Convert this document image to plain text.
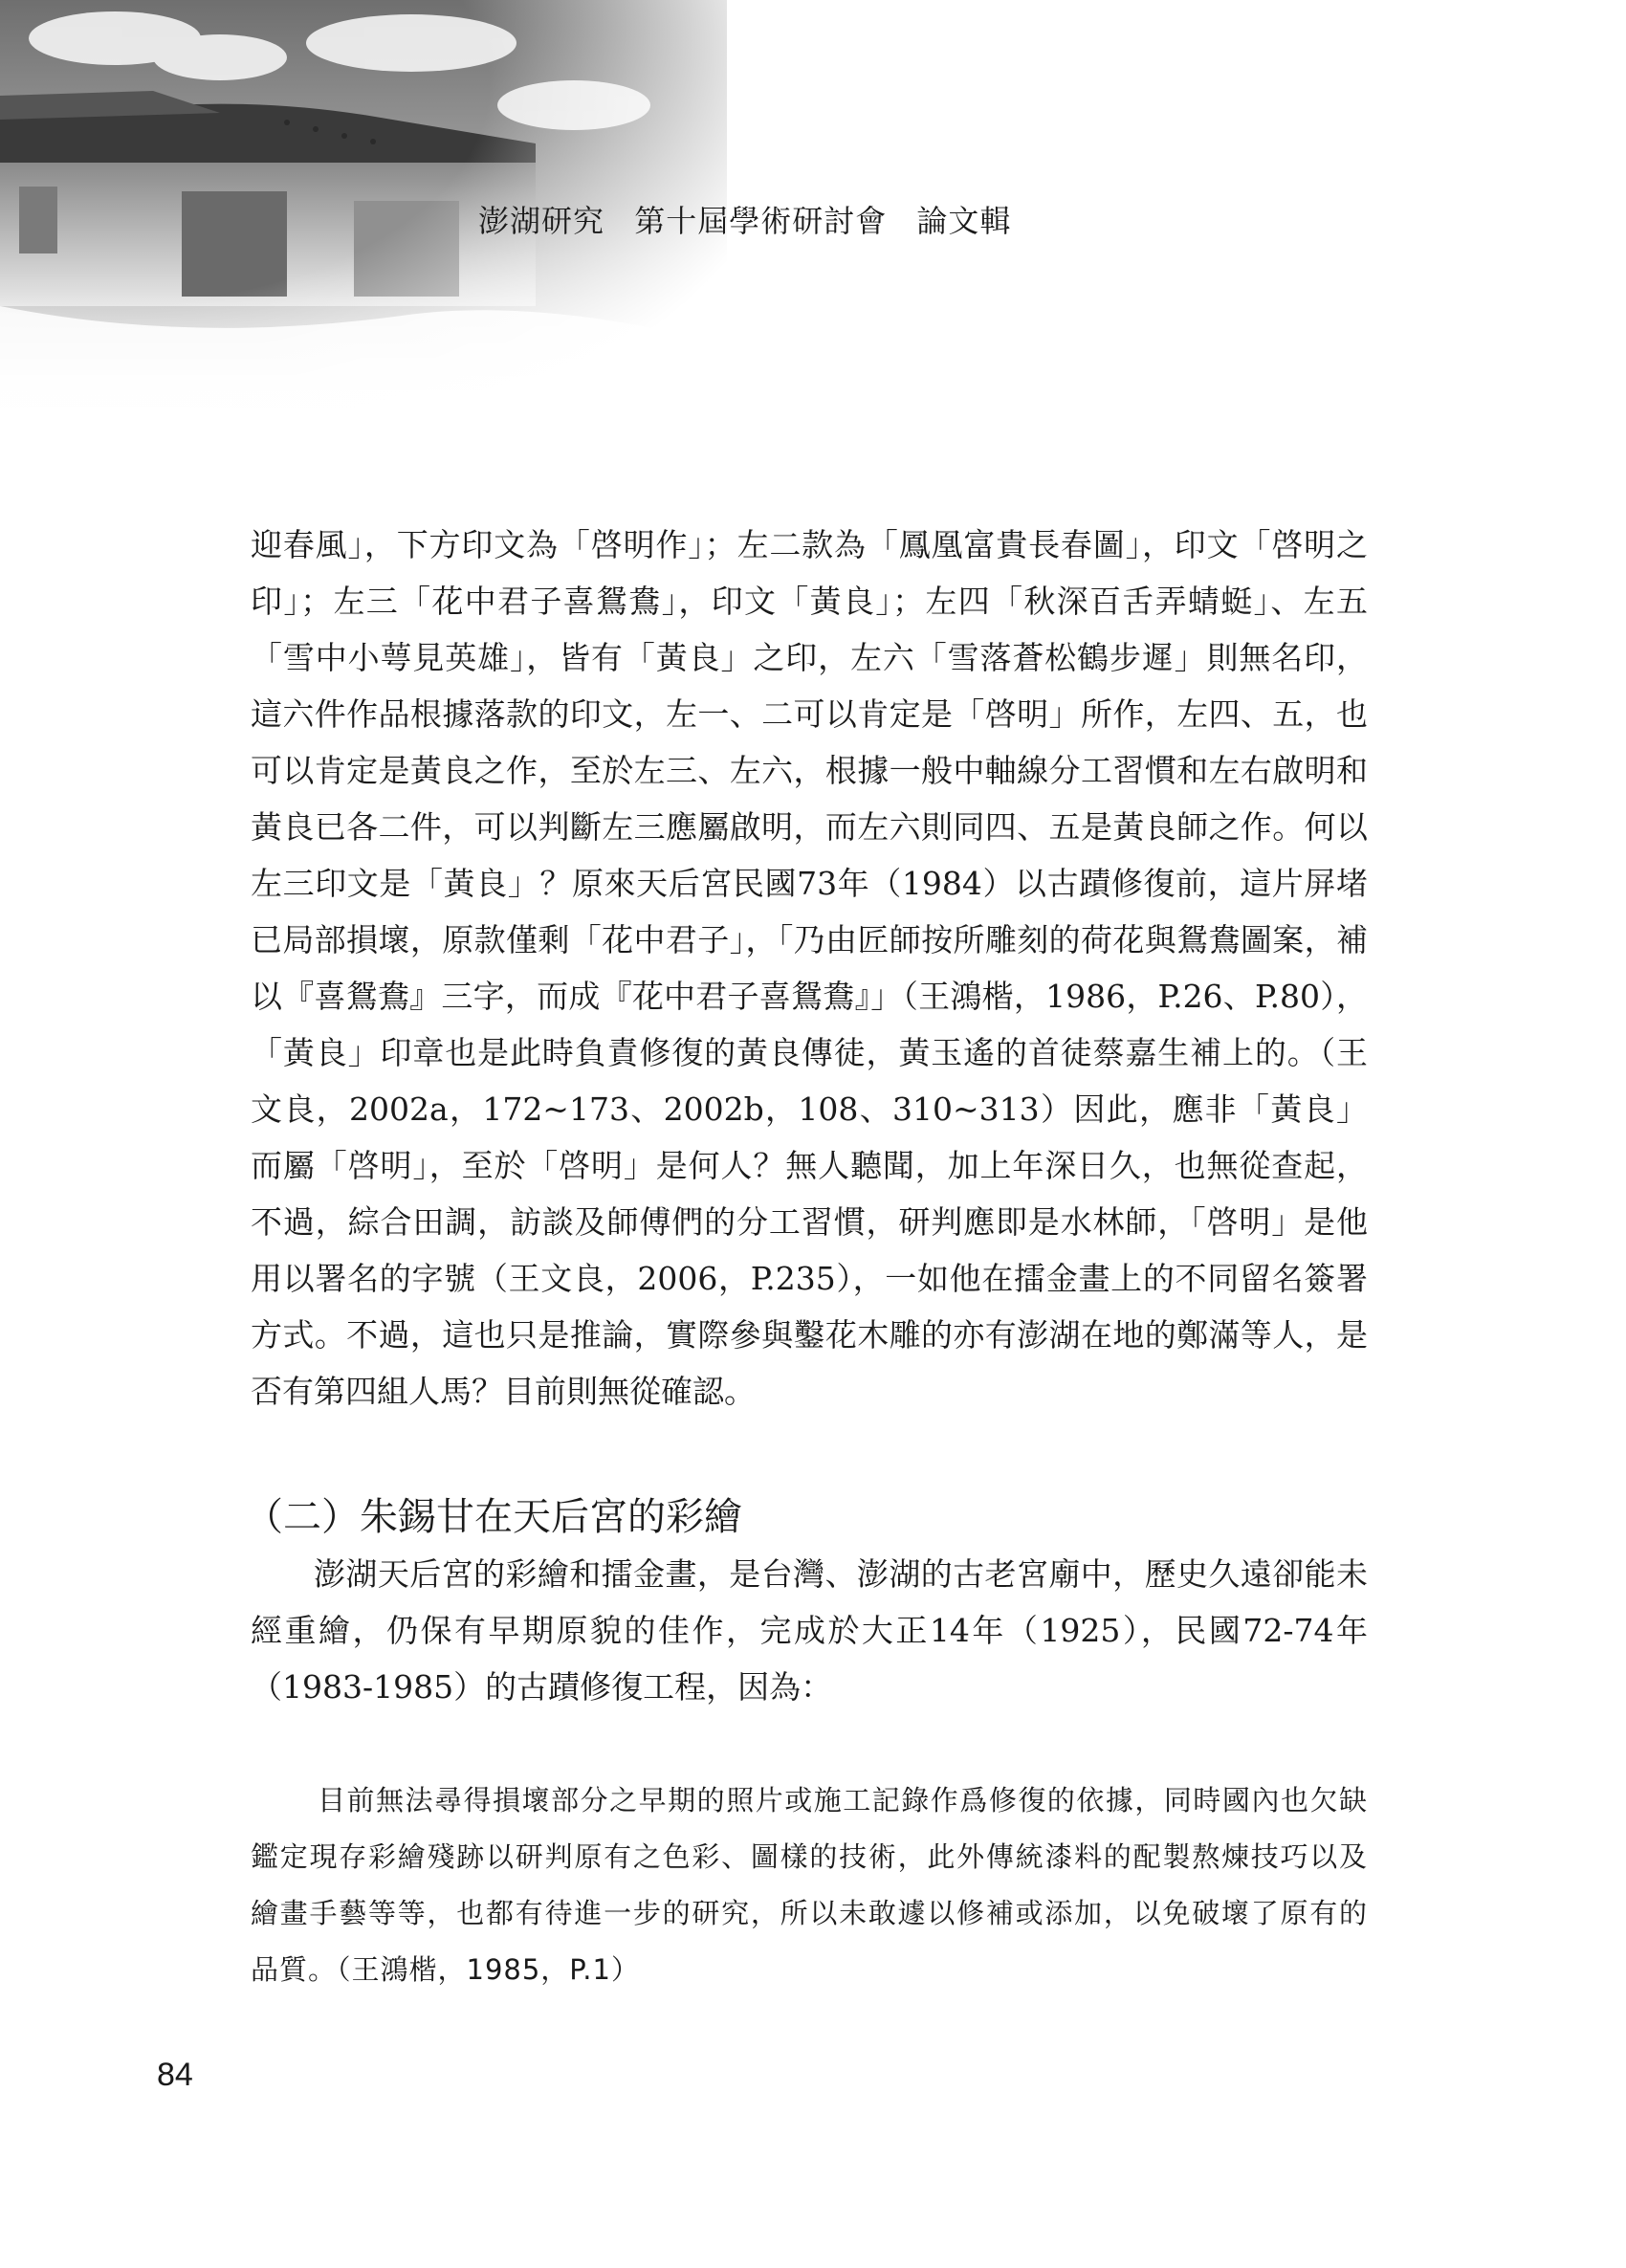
澎湖研究 第十屆學術研討會 論文輯

迎春風」，下方印文為「啓明作」；左二款為「鳳凰富貴長春圖」，印文「啓明之印」；左三「花中君子喜鴛鴦」，印文「黃良」；左四「秋深百舌弄蜻蜓」、左五「雪中小萼見英雄」，皆有「黃良」之印，左六「雪落蒼松鶴步遲」則無名印，這六件作品根據落款的印文，左一、二可以肯定是「啓明」所作，左四、五，也可以肯定是黃良之作，至於左三、左六，根據一般中軸線分工習慣和左右啟明和黃良已各二件，可以判斷左三應屬啟明，而左六則同四、五是黃良師之作。何以左三印文是「黃良」？原來天后宮民國73年（1984）以古蹟修復前，這片屏堵已局部損壞，原款僅剩「花中君子」，「乃由匠師按所雕刻的荷花與鴛鴦圖案，補以『喜鴛鴦』三字，而成『花中君子喜鴛鴦』」（王鴻楷，1986，P.26、P.80），「黃良」印章也是此時負責修復的黃良傳徒，黃玉遙的首徒蔡嘉生補上的。（王文良，2002a，172~173、2002b，108、310~313）因此，應非「黃良」而屬「啓明」，至於「啓明」是何人？無人聽聞，加上年深日久，也無從查起，不過，綜合田調，訪談及師傅們的分工習慣，研判應即是水林師，「啓明」是他用以署名的字號（王文良，2006，P.235），一如他在擂金畫上的不同留名簽署方式。不過，這也只是推論，實際參與鑿花木雕的亦有澎湖在地的鄭滿等人，是否有第四組人馬？目前則無從確認。

（二）朱錫甘在天后宮的彩繪

澎湖天后宮的彩繪和擂金畫，是台灣、澎湖的古老宮廟中，歷史久遠卻能未經重繪，仍保有早期原貌的佳作，完成於大正14年（1925），民國72-74年（1983-1985）的古蹟修復工程，因為：

目前無法尋得損壞部分之早期的照片或施工記錄作爲修復的依據，同時國內也欠缺鑑定現存彩繪殘跡以研判原有之色彩、圖樣的技術，此外傳統漆料的配製熬煉技巧以及繪畫手藝等等，也都有待進一步的研究，所以未敢遽以修補或添加，以免破壞了原有的品質。（王鴻楷，1985，P.1）

84
